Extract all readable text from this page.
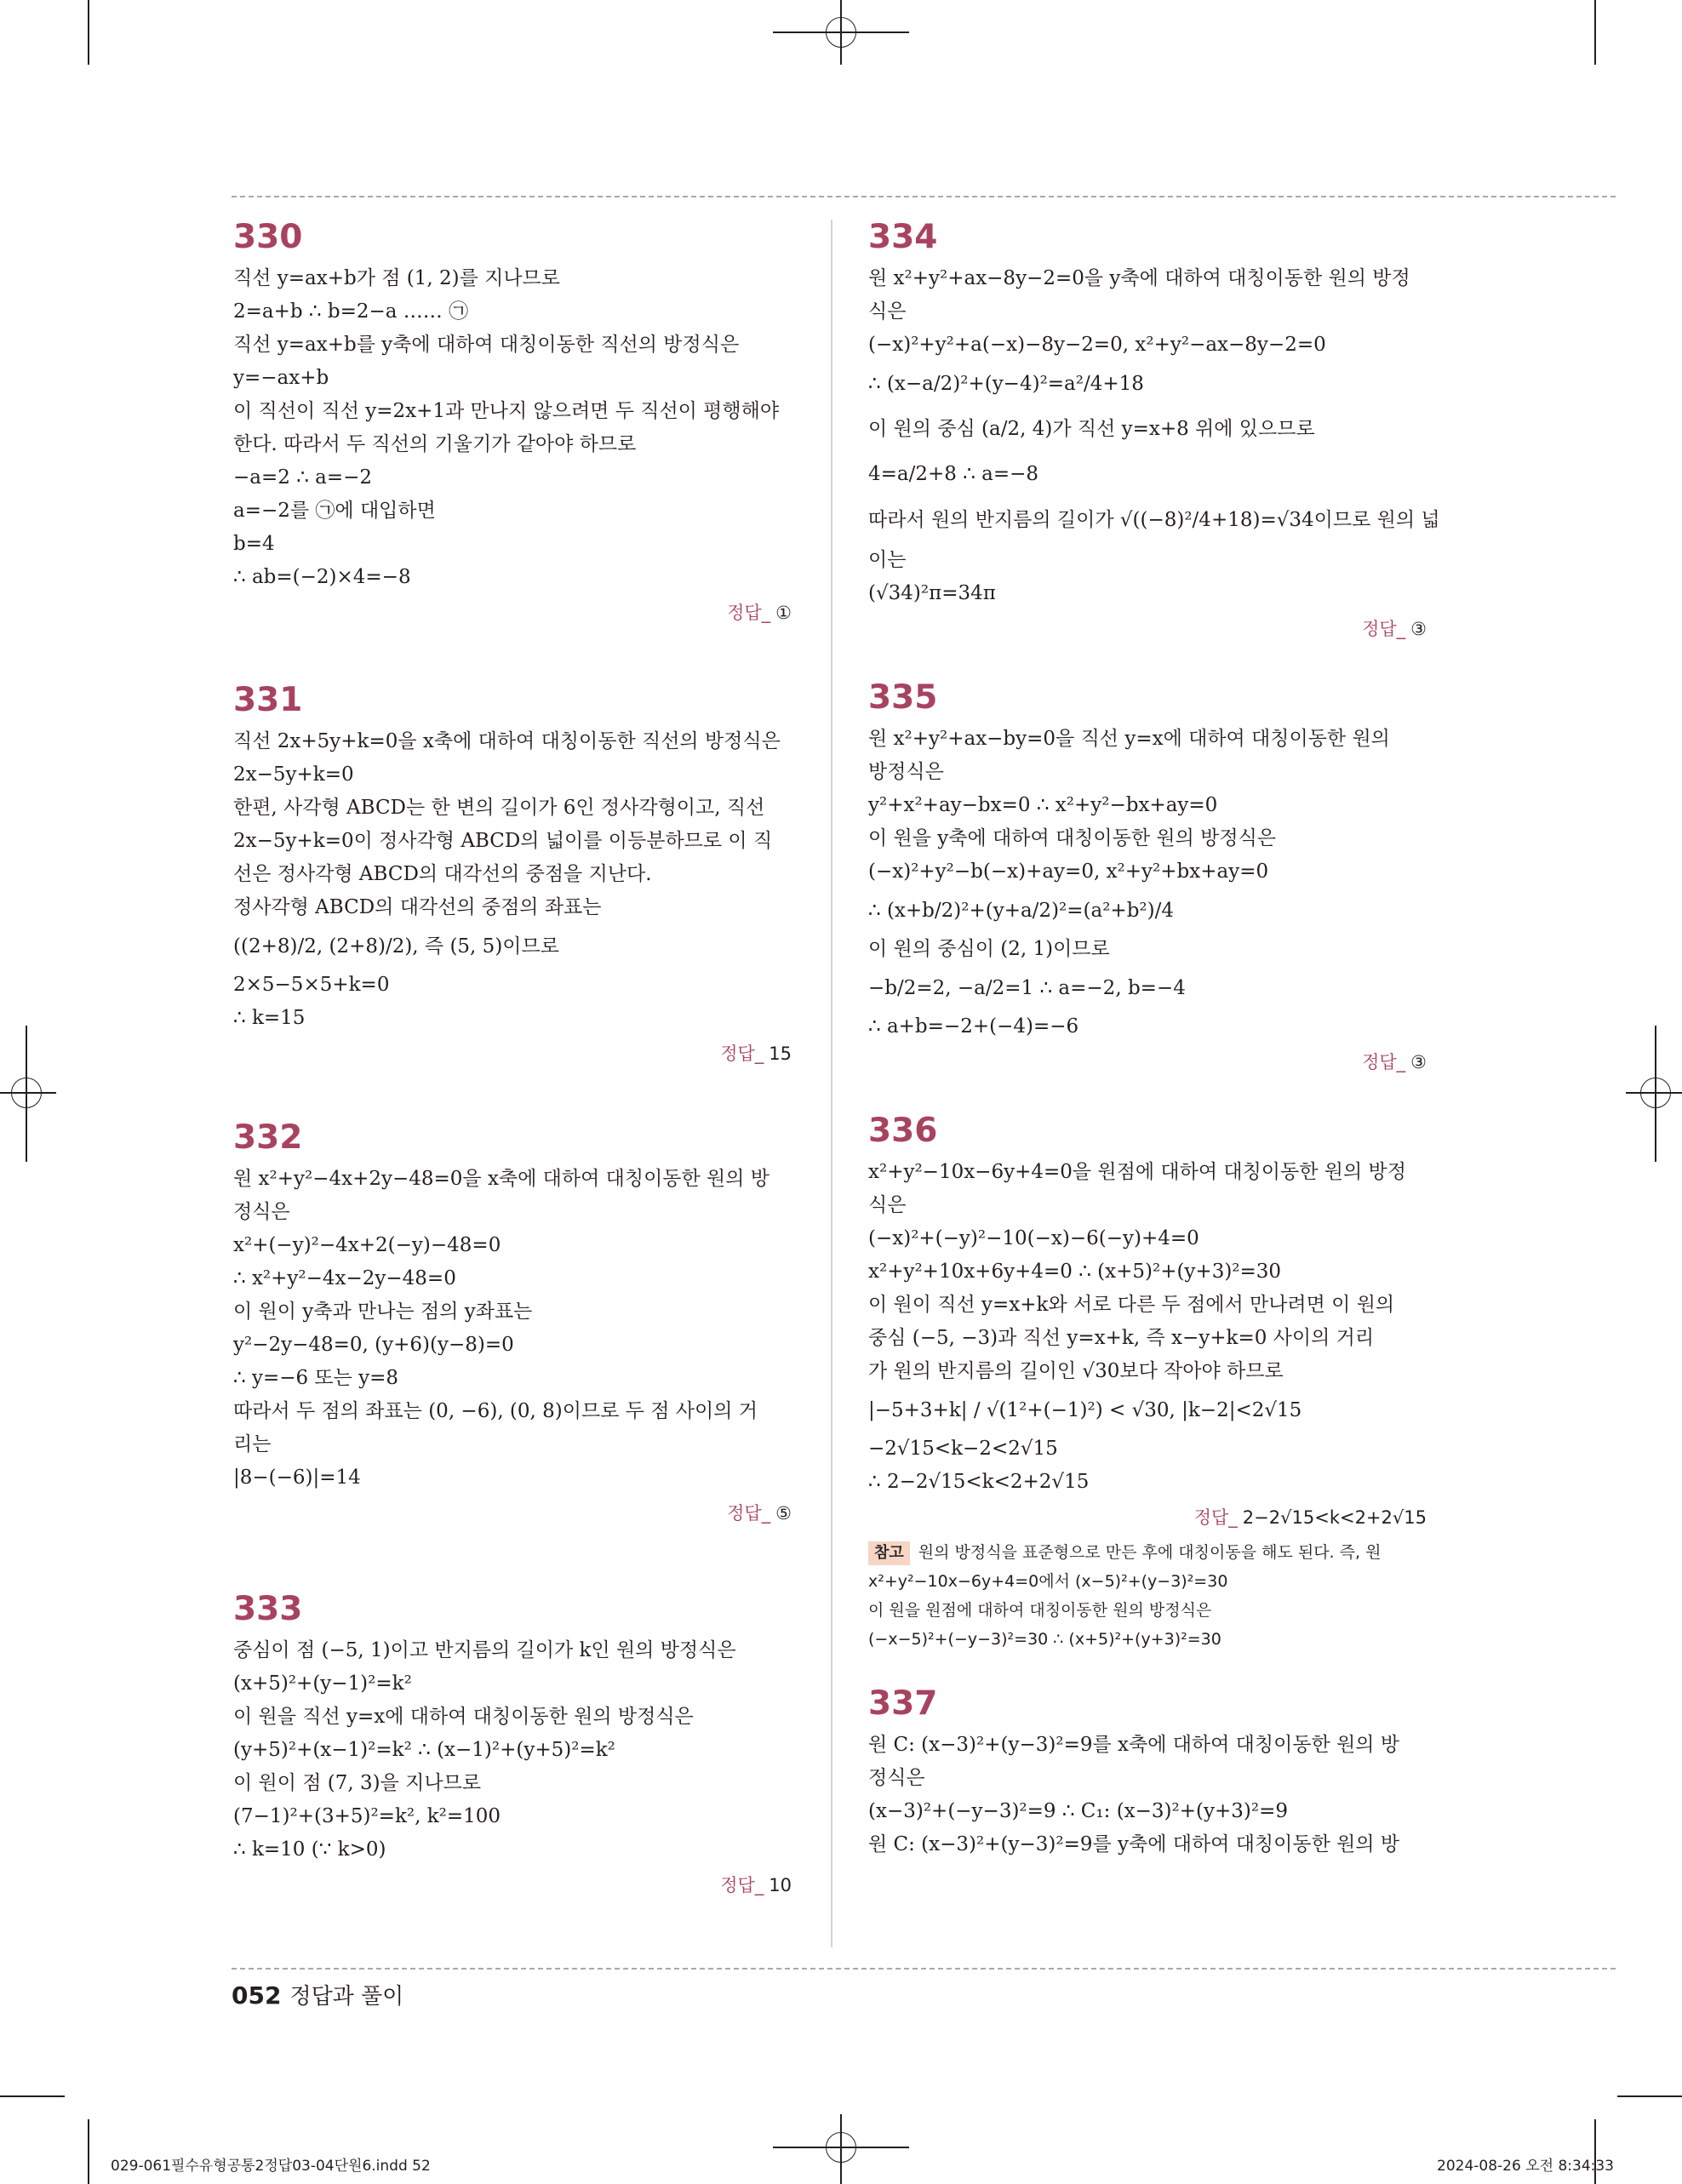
330
직선 y=ax+b가 점 (1, 2)를 지나므로
2=a+b ∴ b=2−a …… ㉠
직선 y=ax+b를 y축에 대하여 대칭이동한 직선의 방정식은
y=−ax+b
이 직선이 직선 y=2x+1과 만나지 않으려면 두 직선이 평행해야
한다. 따라서 두 직선의 기울기가 같아야 하므로
−a=2 ∴ a=−2
a=−2를 ㉠에 대입하면
b=4
∴ ab=(−2)×4=−8
정답_ ①
331
직선 2x+5y+k=0을 x축에 대하여 대칭이동한 직선의 방정식은
2x−5y+k=0
한편, 사각형 ABCD는 한 변의 길이가 6인 정사각형이고, 직선
2x−5y+k=0이 정사각형 ABCD의 넓이를 이등분하므로 이 직
선은 정사각형 ABCD의 대각선의 중점을 지난다.
정사각형 ABCD의 대각선의 중점의 좌표는
((2+8)/2, (2+8)/2), 즉 (5, 5)이므로
2×5−5×5+k=0
∴ k=15
정답_ 15
332
원 x²+y²−4x+2y−48=0을 x축에 대하여 대칭이동한 원의 방
정식은
x²+(−y)²−4x+2(−y)−48=0
∴ x²+y²−4x−2y−48=0
이 원이 y축과 만나는 점의 y좌표는
y²−2y−48=0, (y+6)(y−8)=0
∴ y=−6 또는 y=8
따라서 두 점의 좌표는 (0, −6), (0, 8)이므로 두 점 사이의 거
리는
|8−(−6)|=14
정답_ ⑤
333
중심이 점 (−5, 1)이고 반지름의 길이가 k인 원의 방정식은
(x+5)²+(y−1)²=k²
이 원을 직선 y=x에 대하여 대칭이동한 원의 방정식은
(y+5)²+(x−1)²=k² ∴ (x−1)²+(y+5)²=k²
이 원이 점 (7, 3)을 지나므로
(7−1)²+(3+5)²=k², k²=100
∴ k=10 (∵ k>0)
정답_ 10
334
원 x²+y²+ax−8y−2=0을 y축에 대하여 대칭이동한 원의 방정
식은
(−x)²+y²+a(−x)−8y−2=0, x²+y²−ax−8y−2=0
∴ (x−a/2)²+(y−4)²=a²/4+18
이 원의 중심 (a/2, 4)가 직선 y=x+8 위에 있으므로
4=a/2+8 ∴ a=−8
따라서 원의 반지름의 길이가 √((−8)²/4+18)=√34이므로 원의 넓
이는
(√34)²π=34π
정답_ ③
335
원 x²+y²+ax−by=0을 직선 y=x에 대하여 대칭이동한 원의
방정식은
y²+x²+ay−bx=0 ∴ x²+y²−bx+ay=0
이 원을 y축에 대하여 대칭이동한 원의 방정식은
(−x)²+y²−b(−x)+ay=0, x²+y²+bx+ay=0
∴ (x+b/2)²+(y+a/2)²=(a²+b²)/4
이 원의 중심이 (2, 1)이므로
−b/2=2, −a/2=1 ∴ a=−2, b=−4
∴ a+b=−2+(−4)=−6
정답_ ③
336
x²+y²−10x−6y+4=0을 원점에 대하여 대칭이동한 원의 방정
식은
(−x)²+(−y)²−10(−x)−6(−y)+4=0
x²+y²+10x+6y+4=0 ∴ (x+5)²+(y+3)²=30
이 원이 직선 y=x+k와 서로 다른 두 점에서 만나려면 이 원의
중심 (−5, −3)과 직선 y=x+k, 즉 x−y+k=0 사이의 거리
가 원의 반지름의 길이인 √30보다 작아야 하므로
|−5+3+k| / √(1²+(−1)²) < √30, |k−2|<2√15
−2√15<k−2<2√15
∴ 2−2√15<k<2+2√15
정답_ 2−2√15<k<2+2√15
참고 원의 방정식을 표준형으로 만든 후에 대칭이동을 해도 된다. 즉, 원
x²+y²−10x−6y+4=0에서 (x−5)²+(y−3)²=30
이 원을 원점에 대하여 대칭이동한 원의 방정식은
(−x−5)²+(−y−3)²=30 ∴ (x+5)²+(y+3)²=30
337
원 C: (x−3)²+(y−3)²=9를 x축에 대하여 대칭이동한 원의 방
정식은
(x−3)²+(−y−3)²=9 ∴ C₁: (x−3)²+(y+3)²=9
원 C: (x−3)²+(y−3)²=9를 y축에 대하여 대칭이동한 원의 방
052 정답과 풀이
029-061필수유형공통2정답03-04단원6.indd 52	2024-08-26 오전 8:34:33
